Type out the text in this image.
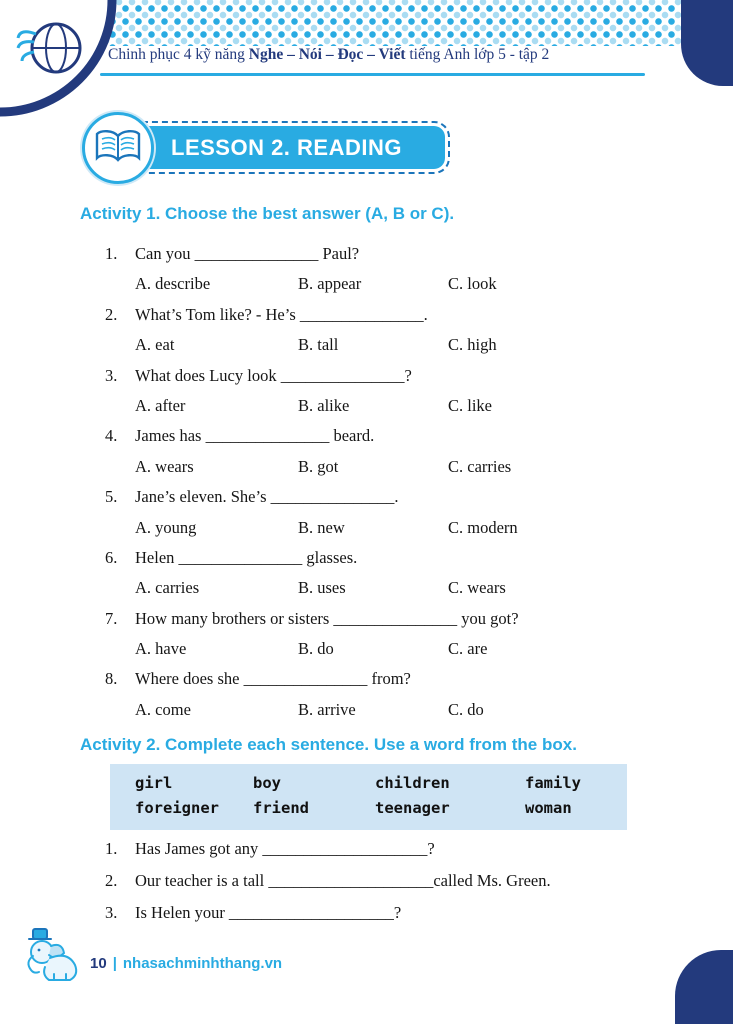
Chinh phục 4 kỹ năng Nghe – Nói – Đọc – Viết tiếng Anh lớp 5 - tập 2
LESSON 2. READING
Activity 1. Choose the best answer (A, B or C).
1.	Can you _______________ Paul?
A. describe	B. appear	C. look
2.	What’s Tom like? - He’s _______________.
A. eat	B. tall	C. high
3.	What does Lucy look _______________?
A. after	B. alike	C. like
4.	James has _______________ beard.
A. wears	B. got	C. carries
5.	Jane’s eleven. She’s _______________.
A. young	B. new	C. modern
6.	Helen _______________ glasses.
A. carries	B. uses	C. wears
7.	How many brothers or sisters _______________ you got?
A. have	B. do	C. are
8.	Where does she _______________ from?
A. come	B. arrive	C. do
Activity 2. Complete each sentence. Use a word from the box.
girl	boy	children	family
foreigner	friend	teenager	woman
1.	Has James got any ____________________?
2.	Our teacher is a tall ____________________called Ms. Green.
3.	Is Helen your ____________________?
10 | nhasachminhthang.vn
